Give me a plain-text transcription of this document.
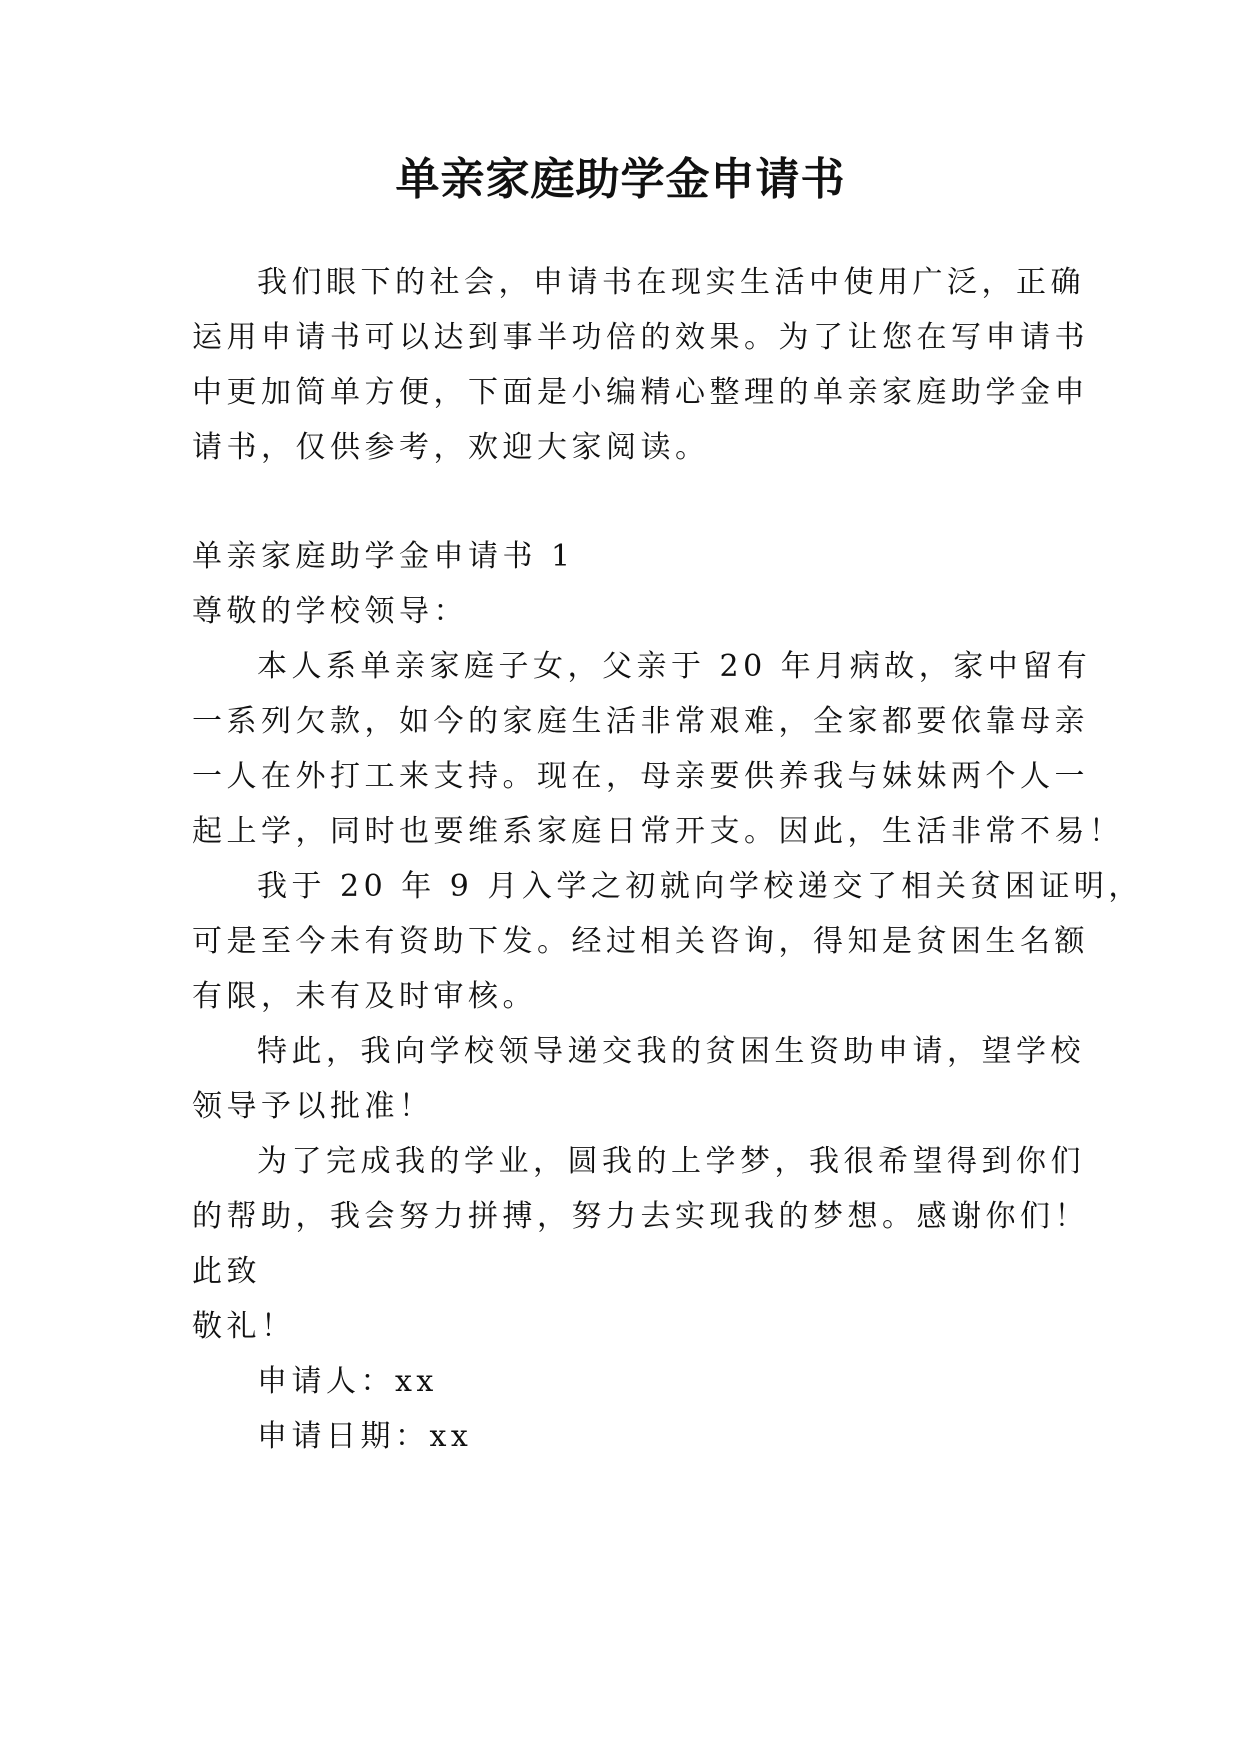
单亲家庭助学金申请书
我们眼下的社会，申请书在现实生活中使用广泛，正确
运用申请书可以达到事半功倍的效果。为了让您在写申请书
中更加简单方便，下面是小编精心整理的单亲家庭助学金申
请书，仅供参考，欢迎大家阅读。
单亲家庭助学金申请书 1
尊敬的学校领导：
本人系单亲家庭子女，父亲于 20 年月病故，家中留有
一系列欠款，如今的家庭生活非常艰难，全家都要依靠母亲
一人在外打工来支持。现在，母亲要供养我与妹妹两个人一
起上学，同时也要维系家庭日常开支。因此，生活非常不易！
我于 20 年 9 月入学之初就向学校递交了相关贫困证明，
可是至今未有资助下发。经过相关咨询，得知是贫困生名额
有限，未有及时审核。
特此，我向学校领导递交我的贫困生资助申请，望学校
领导予以批准！
为了完成我的学业，圆我的上学梦，我很希望得到你们
的帮助，我会努力拼搏，努力去实现我的梦想。感谢你们！
此致
敬礼！
申请人：xx
申请日期：xx
